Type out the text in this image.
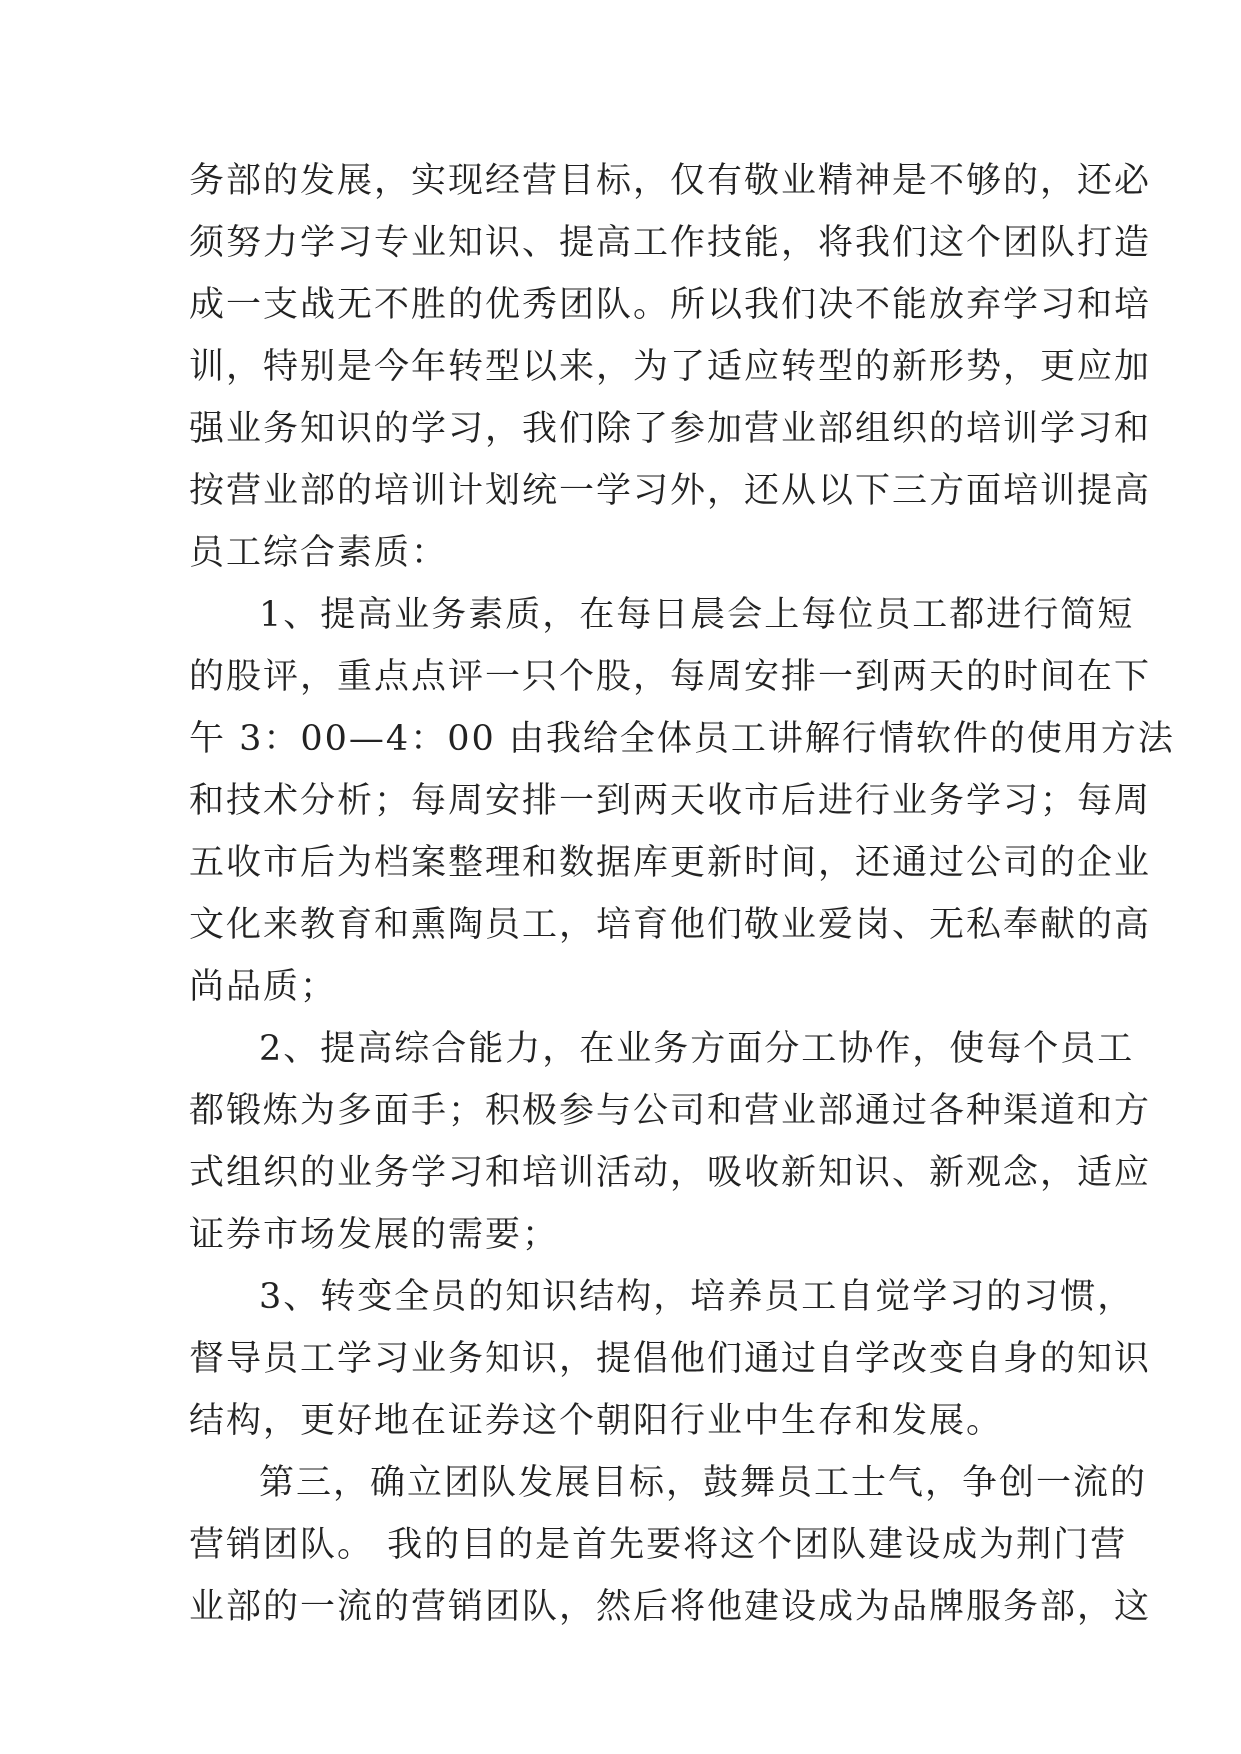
务部的发展，实现经营目标，仅有敬业精神是不够的，还必
须努力学习专业知识、提高工作技能，将我们这个团队打造
成一支战无不胜的优秀团队。所以我们决不能放弃学习和培
训，特别是今年转型以来，为了适应转型的新形势，更应加
强业务知识的学习，我们除了参加营业部组织的培训学习和
按营业部的培训计划统一学习外，还从以下三方面培训提高
员工综合素质：
1、提高业务素质，在每日晨会上每位员工都进行简短
的股评，重点点评一只个股，每周安排一到两天的时间在下
午 3：00—4：00 由我给全体员工讲解行情软件的使用方法
和技术分析；每周安排一到两天收市后进行业务学习；每周
五收市后为档案整理和数据库更新时间，还通过公司的企业
文化来教育和熏陶员工，培育他们敬业爱岗、无私奉献的高
尚品质；
2、提高综合能力，在业务方面分工协作，使每个员工
都锻炼为多面手；积极参与公司和营业部通过各种渠道和方
式组织的业务学习和培训活动，吸收新知识、新观念，适应
证券市场发展的需要；
3、转变全员的知识结构，培养员工自觉学习的习惯，
督导员工学习业务知识，提倡他们通过自学改变自身的知识
结构，更好地在证券这个朝阳行业中生存和发展。
第三，确立团队发展目标，鼓舞员工士气，争创一流的
营销团队。 我的目的是首先要将这个团队建设成为荆门营
业部的一流的营销团队，然后将他建设成为品牌服务部，这
